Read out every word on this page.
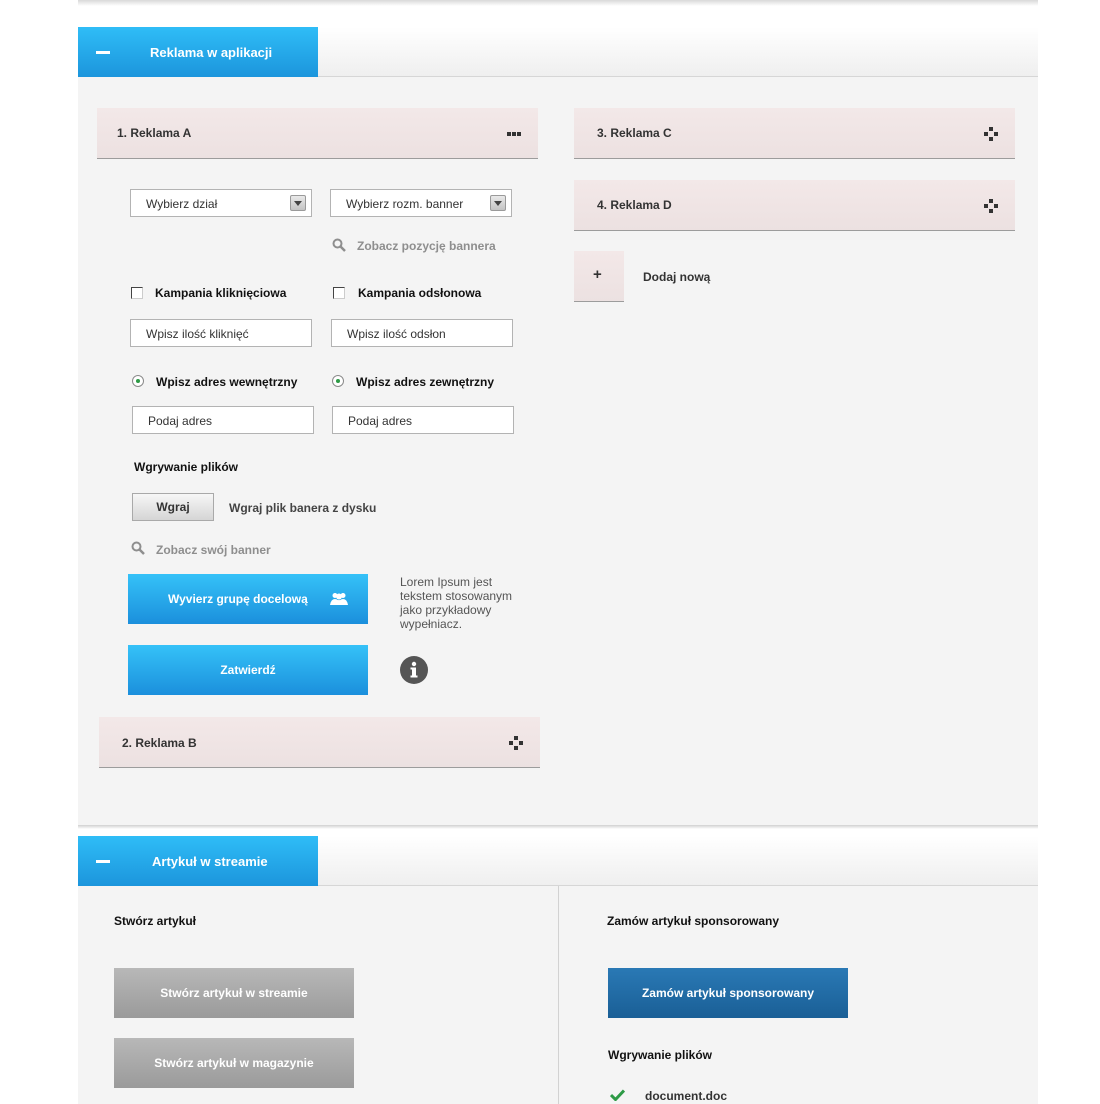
Reklama w aplikacji
1. Reklama A
Wybierz dział	Wybierz rozm. banner
Zobacz pozycję bannera
Kampania kliknięciowa	Kampania odsłonowa
Wpisz ilość kliknięć	Wpisz ilość odsłon
Wpisz adres wewnętrzny	Wpisz adres zewnętrzny
Podaj adres	Podaj adres
Wgrywanie plików
Wgraj	Wgraj plik banera z dysku
Zobacz swój banner
Wyvierz grupę docelową
Lorem Ipsum jest tekstem stosowanym jako przykładowy wypełniacz.
Zatwierdź
2. Reklama B
3. Reklama C
4. Reklama D
+	Dodaj nową
Artykuł w streamie
Stwórz artykuł
Stwórz artykuł w streamie
Stwórz artykuł w magazynie
Zamów artykuł sponsorowany
Zamów artykuł sponsorowany
Wgrywanie plików
document.doc
